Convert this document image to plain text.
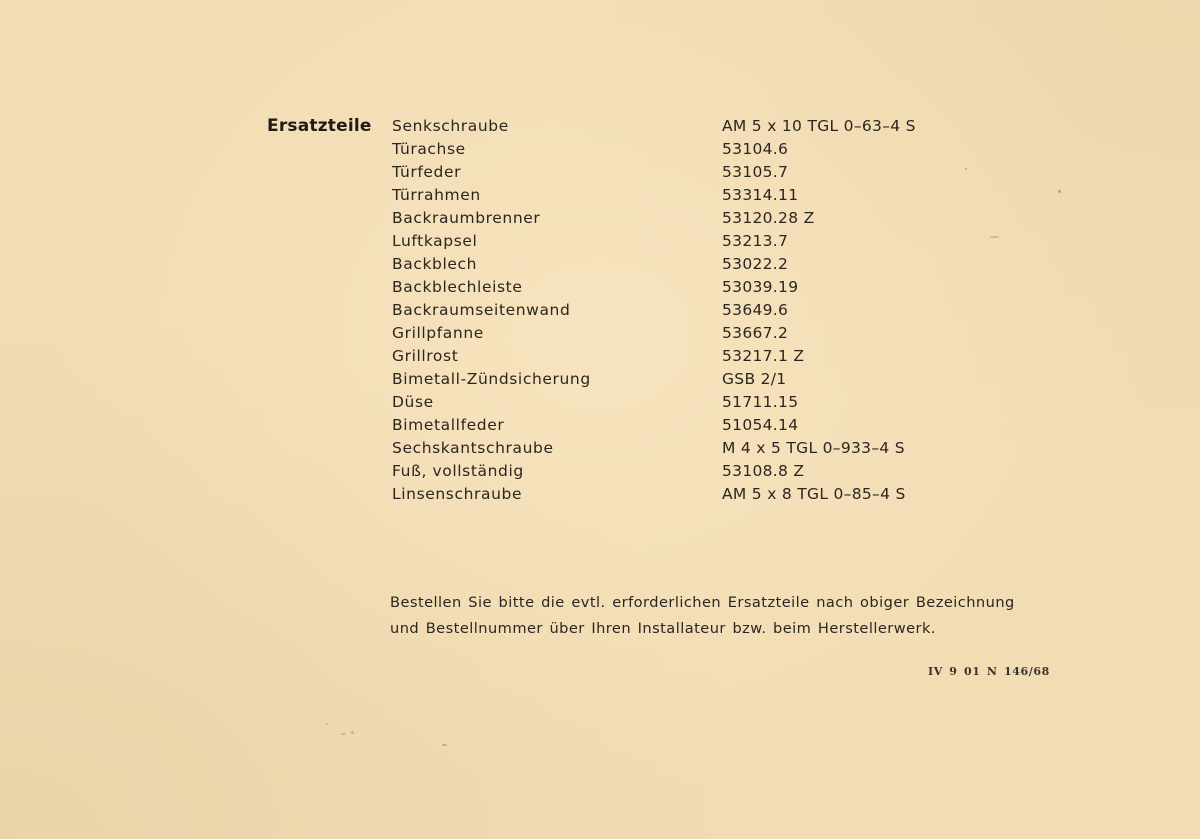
Ersatzteile Senkschraube	AM 5 x 10 TGL 0–63–4 S
Türachse	53104.6
Türfeder	53105.7
Türrahmen	53314.11
Backraumbrenner	53120.28 Z
Luftkapsel	53213.7
Backblech	53022.2
Backblechleiste	53039.19
Backraumseitenwand	53649.6
Grillpfanne	53667.2
Grillrost	53217.1 Z
Bimetall-Zündsicherung	GSB 2/1
Düse	51711.15
Bimetallfeder	51054.14
Sechskantschraube	M 4 x 5 TGL 0–933–4 S
Fuß, vollständig	53108.8 Z
Linsenschraube	AM 5 x 8 TGL 0–85–4 S

Bestellen Sie bitte die evtl. erforderlichen Ersatzteile nach obiger Bezeichnung
und Bestellnummer über Ihren Installateur bzw. beim Herstellerwerk.

IV 9 01 N 146/68
